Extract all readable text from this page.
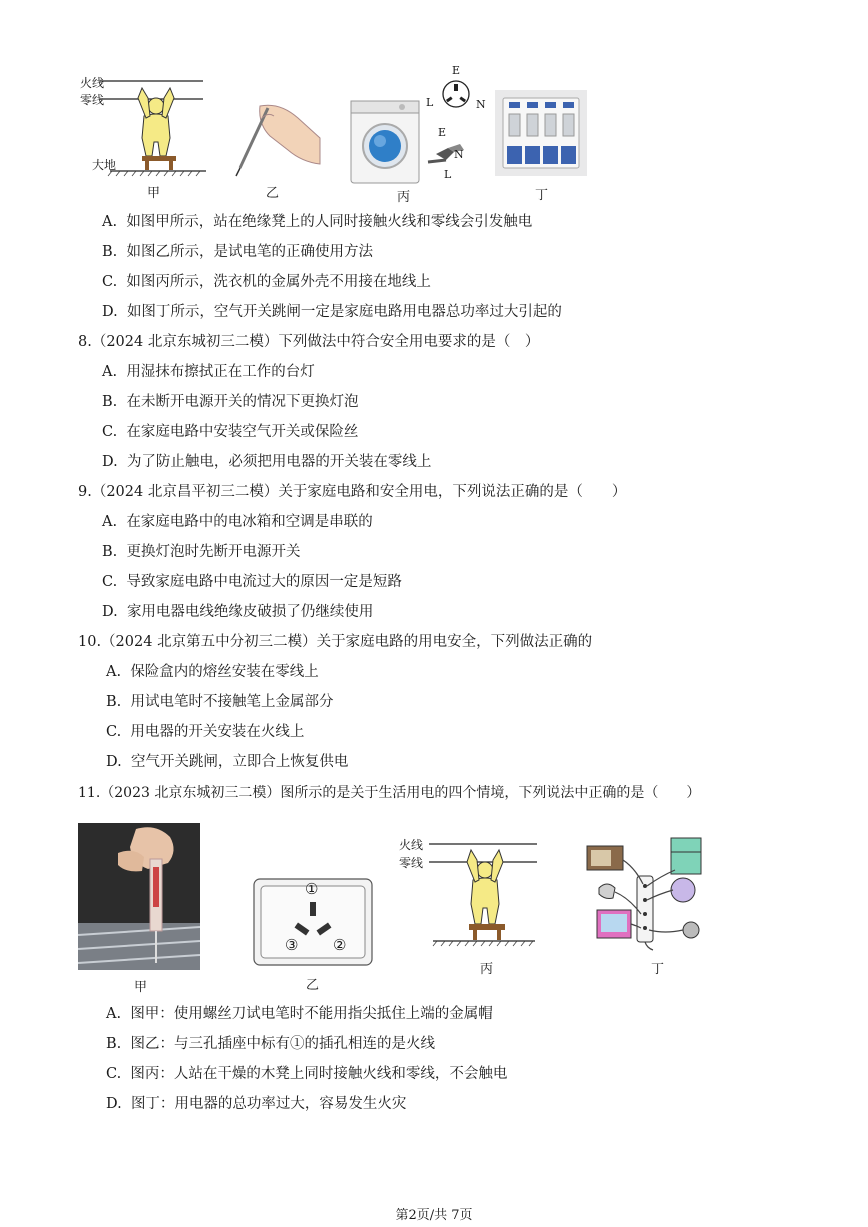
火线
零线
大地
甲	乙
E
L	N
E
N
L
丙	丁
A. 如图甲所示，站在绝缘凳上的人同时接触火线和零线会引发触电
B. 如图乙所示，是试电笔的正确使用方法
C. 如图丙所示，洗衣机的金属外壳不用接在地线上
D. 如图丁所示，空气开关跳闸一定是家庭电路用电器总功率过大引起的
8.（2024 北京东城初三二模）下列做法中符合安全用电要求的是（　）
A. 用湿抹布擦拭正在工作的台灯
B. 在未断开电源开关的情况下更换灯泡
C. 在家庭电路中安装空气开关或保险丝
D. 为了防止触电，必须把用电器的开关装在零线上
9.（2024 北京昌平初三二模）关于家庭电路和安全用电，下列说法正确的是（　　）
A. 在家庭电路中的电冰箱和空调是串联的
B. 更换灯泡时先断开电源开关
C. 导致家庭电路中电流过大的原因一定是短路
D. 家用电器电线绝缘皮破损了仍继续使用
10.（2024 北京第五中分初三二模）关于家庭电路的用电安全，下列做法正确的
A. 保险盒内的熔丝安装在零线上
B. 用试电笔时不接触笔上金属部分
C. 用电器的开关安装在火线上
D. 空气开关跳闸，立即合上恢复供电
11.（2023 北京东城初三二模）图所示的是关于生活用电的四个情境，下列说法中正确的是（　　）
甲
①
②
③
乙
火线
零线
丙	丁
A. 图甲：使用螺丝刀试电笔时不能用指尖抵住上端的金属帽
B. 图乙：与三孔插座中标有①的插孔相连的是火线
C. 图丙：人站在干燥的木凳上同时接触火线和零线，不会触电
D. 图丁：用电器的总功率过大，容易发生火灾
第2页/共 7页
